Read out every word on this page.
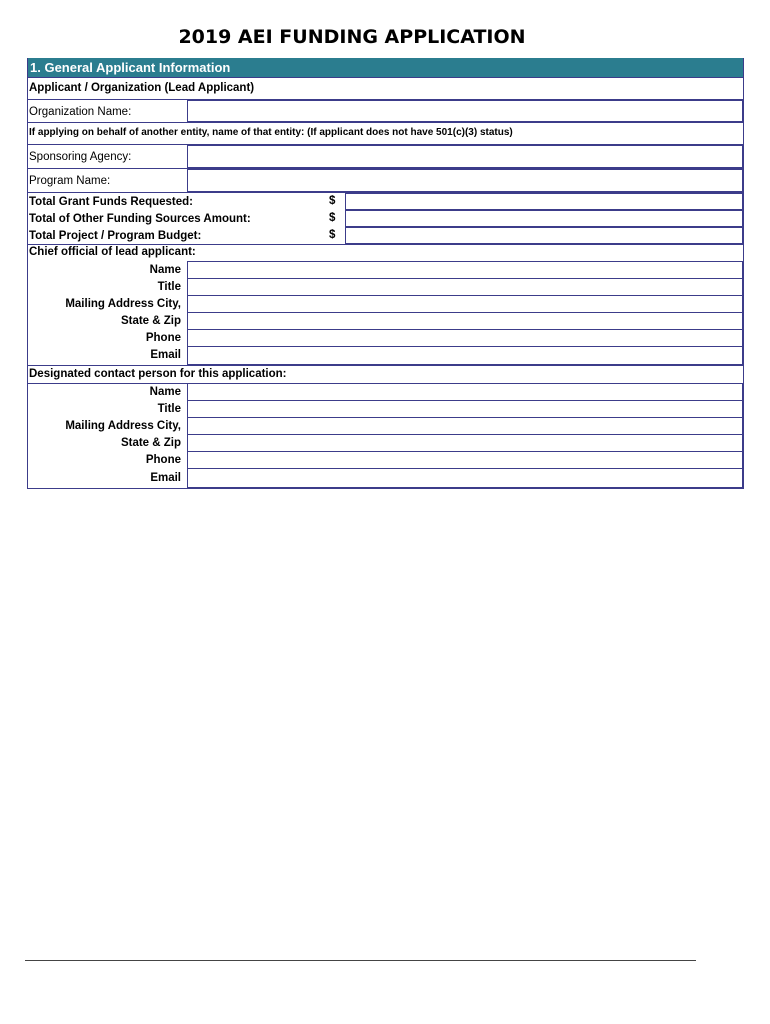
2019 AEI FUNDING APPLICATION
1. General Applicant Information
Applicant / Organization (Lead Applicant)
Organization Name:
If applying on behalf of another entity, name of that entity: (If applicant does not have 501(c)(3) status)
Sponsoring Agency:
Program Name:
Total Grant Funds Requested:	$
Total of Other Funding Sources Amount:	$
Total Project / Program Budget:	$
Chief official of lead applicant:
Name
Title
Mailing Address City,
State & Zip
Phone
Email
Designated contact person for this application:
Name
Title
Mailing Address City,
State & Zip
Phone
Email
